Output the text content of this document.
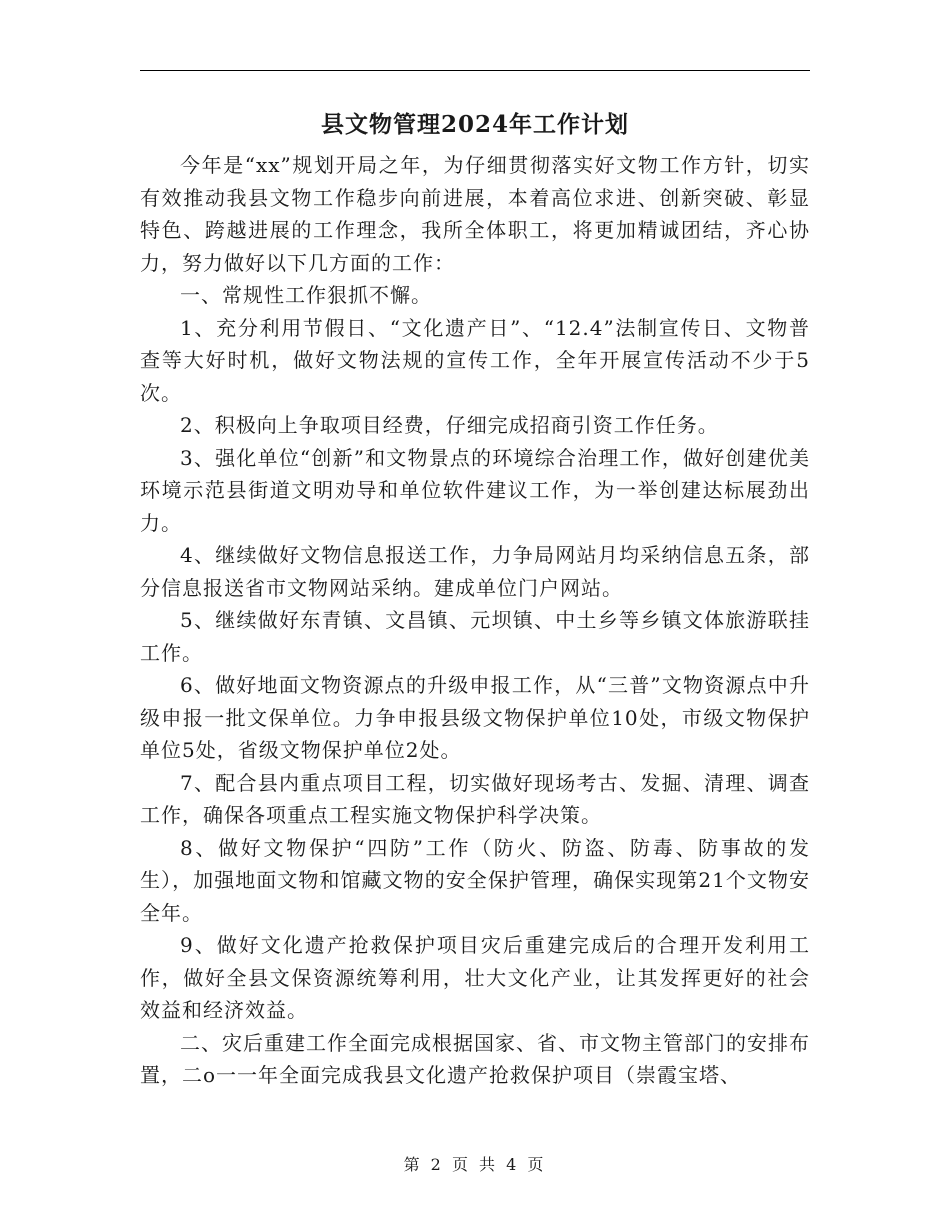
县文物管理2024年工作计划

今年是“xx”规划开局之年，为仔细贯彻落实好文物工作方针，切实有效推动我县文物工作稳步向前进展，本着高位求进、创新突破、彰显特色、跨越进展的工作理念，我所全体职工，将更加精诚团结，齐心协力，努力做好以下几方面的工作：

一、常规性工作狠抓不懈。

1、充分利用节假日、“文化遗产日”、“12.4”法制宣传日、文物普查等大好时机，做好文物法规的宣传工作，全年开展宣传活动不少于5次。

2、积极向上争取项目经费，仔细完成招商引资工作任务。

3、强化单位“创新”和文物景点的环境综合治理工作，做好创建优美环境示范县街道文明劝导和单位软件建议工作，为一举创建达标展劲出力。

4、继续做好文物信息报送工作，力争局网站月均采纳信息五条，部分信息报送省市文物网站采纳。建成单位门户网站。

5、继续做好东青镇、文昌镇、元坝镇、中土乡等乡镇文体旅游联挂工作。

6、做好地面文物资源点的升级申报工作，从“三普”文物资源点中升级申报一批文保单位。力争申报县级文物保护单位10处，市级文物保护单位5处，省级文物保护单位2处。

7、配合县内重点项目工程，切实做好现场考古、发掘、清理、调查工作，确保各项重点工程实施文物保护科学决策。

8、做好文物保护“四防”工作（防火、防盗、防毒、防事故的发生），加强地面文物和馆藏文物的安全保护管理，确保实现第21个文物安全年。

9、做好文化遗产抢救保护项目灾后重建完成后的合理开发利用工作，做好全县文保资源统筹利用，壮大文化产业，让其发挥更好的社会效益和经济效益。

二、灾后重建工作全面完成根据国家、省、市文物主管部门的安排布置，二o一一年全面完成我县文化遗产抢救保护项目（崇霞宝塔、

第 2 页 共 4 页
